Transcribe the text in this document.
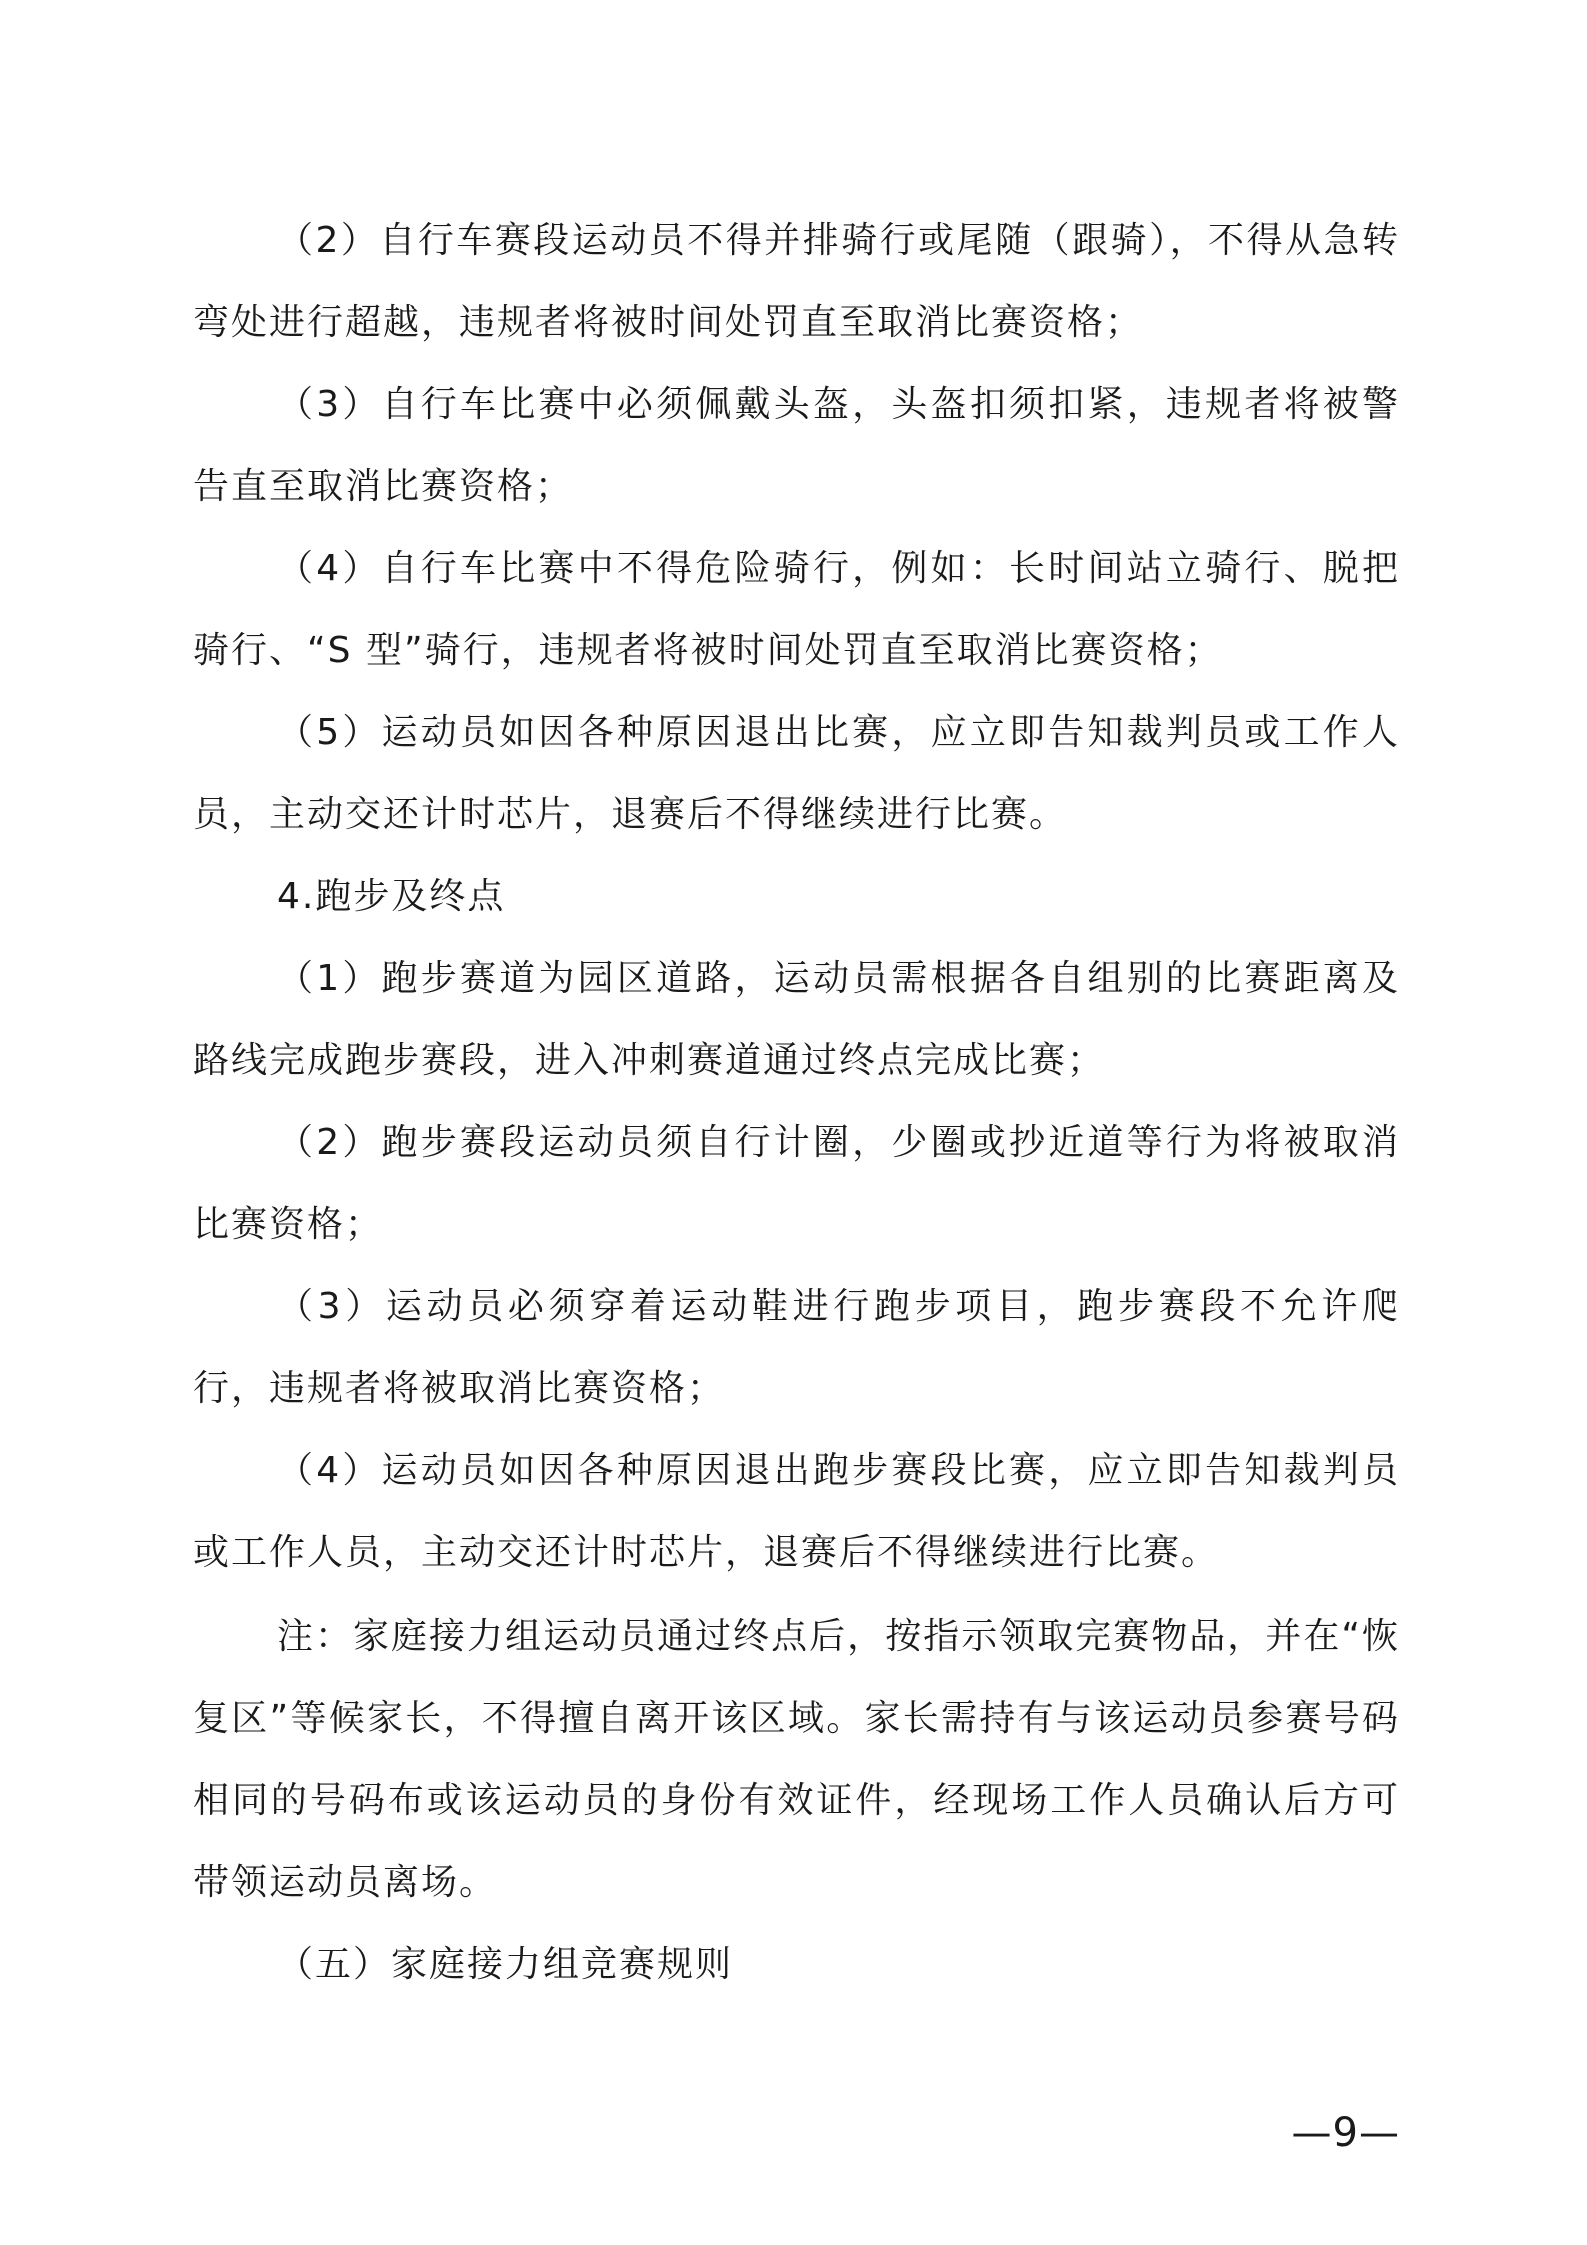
（2）自行车赛段运动员不得并排骑行或尾随（跟骑），不得从急转弯处进行超越，违规者将被时间处罚直至取消比赛资格；

（3）自行车比赛中必须佩戴头盔，头盔扣须扣紧，违规者将被警告直至取消比赛资格；

（4）自行车比赛中不得危险骑行，例如：长时间站立骑行、脱把骑行、“S 型”骑行，违规者将被时间处罚直至取消比赛资格；

（5）运动员如因各种原因退出比赛，应立即告知裁判员或工作人员，主动交还计时芯片，退赛后不得继续进行比赛。

4.跑步及终点

（1）跑步赛道为园区道路，运动员需根据各自组别的比赛距离及路线完成跑步赛段，进入冲刺赛道通过终点完成比赛；

（2）跑步赛段运动员须自行计圈，少圈或抄近道等行为将被取消比赛资格；

（3）运动员必须穿着运动鞋进行跑步项目，跑步赛段不允许爬行，违规者将被取消比赛资格；

（4）运动员如因各种原因退出跑步赛段比赛，应立即告知裁判员或工作人员，主动交还计时芯片，退赛后不得继续进行比赛。

注：家庭接力组运动员通过终点后，按指示领取完赛物品，并在“恢复区”等候家长，不得擅自离开该区域。家长需持有与该运动员参赛号码相同的号码布或该运动员的身份有效证件，经现场工作人员确认后方可带领运动员离场。

（五）家庭接力组竞赛规则

—9—
